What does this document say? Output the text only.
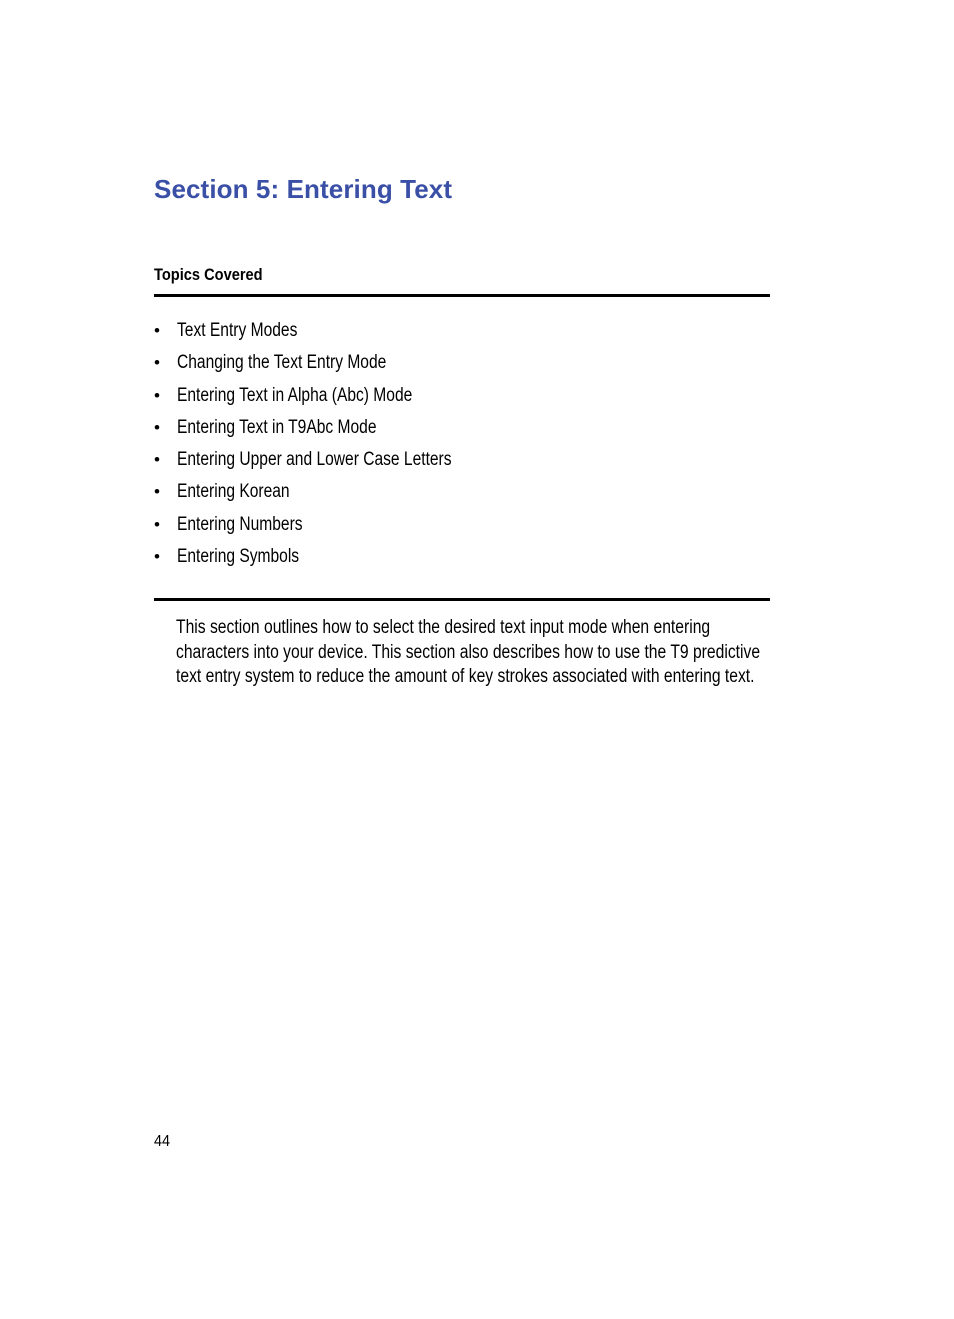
Section 5: Entering Text
Topics Covered
• Text Entry Modes
• Changing the Text Entry Mode
• Entering Text in Alpha (Abc) Mode
• Entering Text in T9Abc Mode
• Entering Upper and Lower Case Letters
• Entering Korean
• Entering Numbers
• Entering Symbols

This section outlines how to select the desired text input mode when entering
characters into your device. This section also describes how to use the T9 predictive
text entry system to reduce the amount of key strokes associated with entering text.

44
